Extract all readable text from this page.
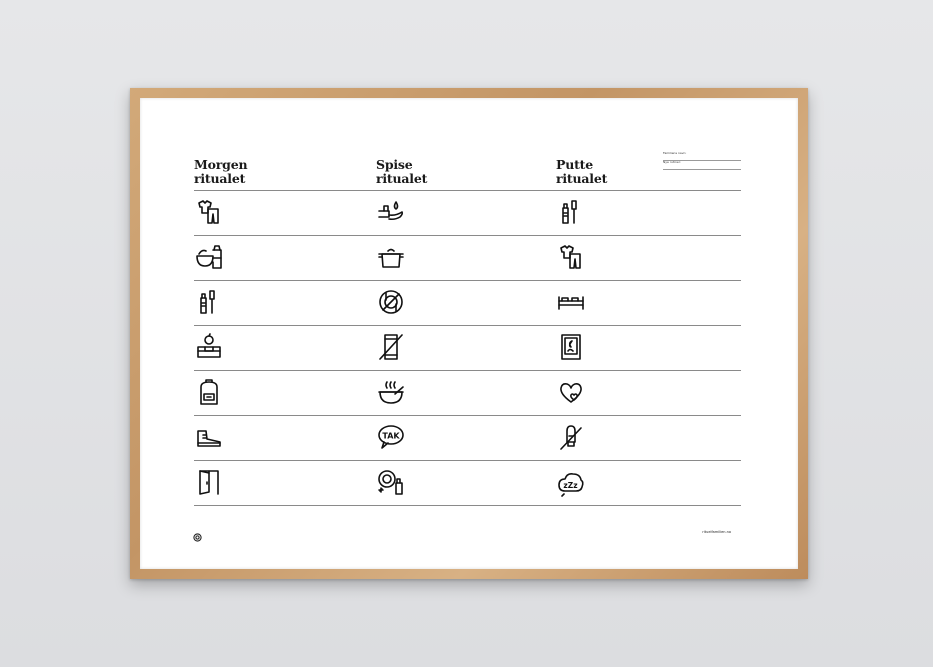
Morgen
ritualet
Spise
ritualet
Putte
ritualet
Familiens navn:
Nye rutiner:
rituelfamilien.no
TAK
zZz
